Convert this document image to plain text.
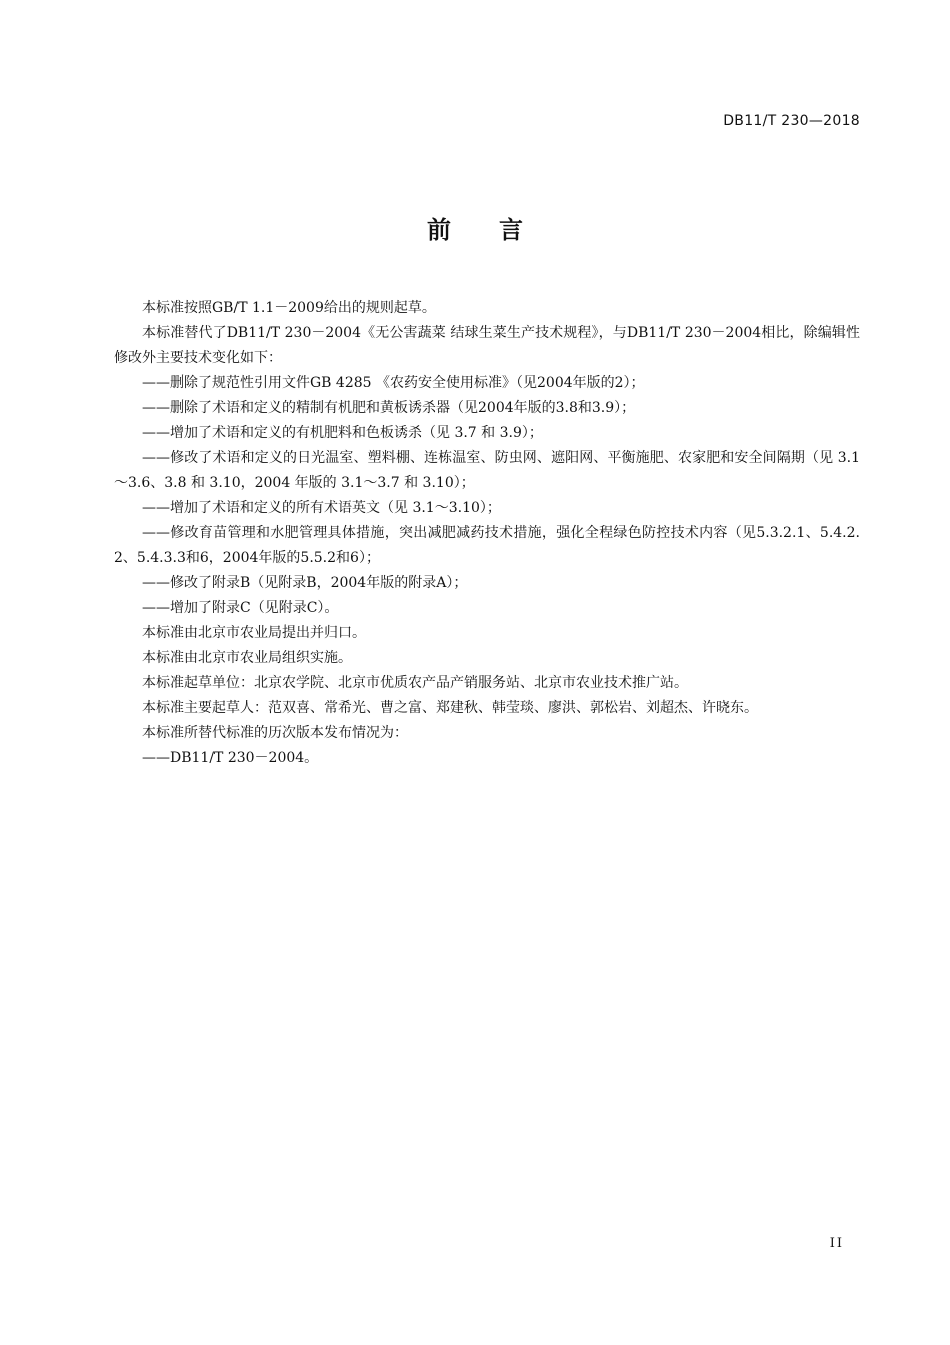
DB11/T 230—2018
前言

本标准按照GB/T 1.1－2009给出的规则起草。

本标准替代了DB11/T 230－2004《无公害蔬菜 结球生菜生产技术规程》，与DB11/T 230－2004相比，除编辑性修改外主要技术变化如下：

——删除了规范性引用文件GB 4285 《农药安全使用标准》（见2004年版的2）；

——删除了术语和定义的精制有机肥和黄板诱杀器（见2004年版的3.8和3.9）；

——增加了术语和定义的有机肥料和色板诱杀（见 3.7 和 3.9）；

——修改了术语和定义的日光温室、塑料棚、连栋温室、防虫网、遮阳网、平衡施肥、农家肥和安全间隔期（见 3.1～3.6、3.8 和 3.10，2004 年版的 3.1～3.7 和 3.10）；

——增加了术语和定义的所有术语英文（见 3.1～3.10）；

——修改育苗管理和水肥管理具体措施，突出减肥减药技术措施，强化全程绿色防控技术内容（见5.3.2.1、5.4.2.2、5.4.3.3和6，2004年版的5.5.2和6）；

——修改了附录B（见附录B，2004年版的附录A）；

——增加了附录C（见附录C）。

本标准由北京市农业局提出并归口。

本标准由北京市农业局组织实施。

本标准起草单位：北京农学院、北京市优质农产品产销服务站、北京市农业技术推广站。

本标准主要起草人：范双喜、常希光、曹之富、郑建秋、韩莹琰、廖洪、郭松岩、刘超杰、许晓东。

本标准所替代标准的历次版本发布情况为：

——DB11/T 230－2004。

II
